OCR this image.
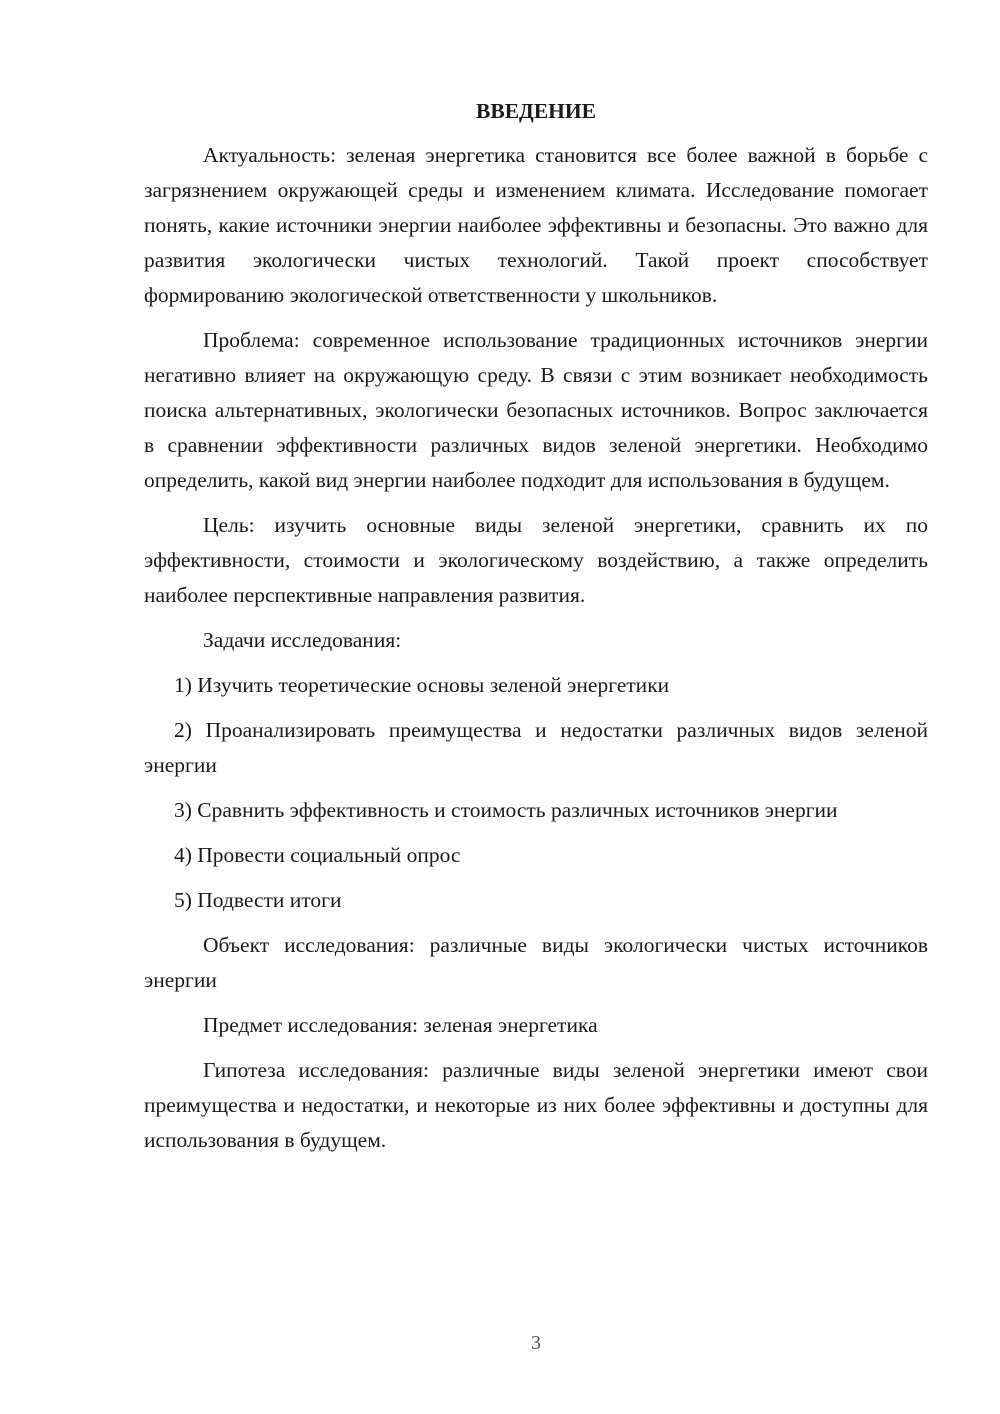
ВВЕДЕНИЕ

Актуальность: зеленая энергетика становится все более важной в борьбе с загрязнением окружающей среды и изменением климата. Исследование помогает понять, какие источники энергии наиболее эффективны и безопасны. Это важно для развития экологически чистых технологий. Такой проект способствует формированию экологической ответственности у школьников.

Проблема: современное использование традиционных источников энергии негативно влияет на окружающую среду. В связи с этим возникает необходимость поиска альтернативных, экологически безопасных источников. Вопрос заключается в сравнении эффективности различных видов зеленой энергетики. Необходимо определить, какой вид энергии наиболее подходит для использования в будущем.

Цель: изучить основные виды зеленой энергетики, сравнить их по эффективности, стоимости и экологическому воздействию, а также определить наиболее перспективные направления развития.

Задачи исследования:

1) Изучить теоретические основы зеленой энергетики

2) Проанализировать преимущества и недостатки различных видов зеленой энергии

3) Сравнить эффективность и стоимость различных источников энергии

4) Провести социальный опрос

5) Подвести итоги

Объект исследования: различные виды экологически чистых источников энергии

Предмет исследования: зеленая энергетика

Гипотеза исследования: различные виды зеленой энергетики имеют свои преимущества и недостатки, и некоторые из них более эффективны и доступны для использования в будущем.

3
